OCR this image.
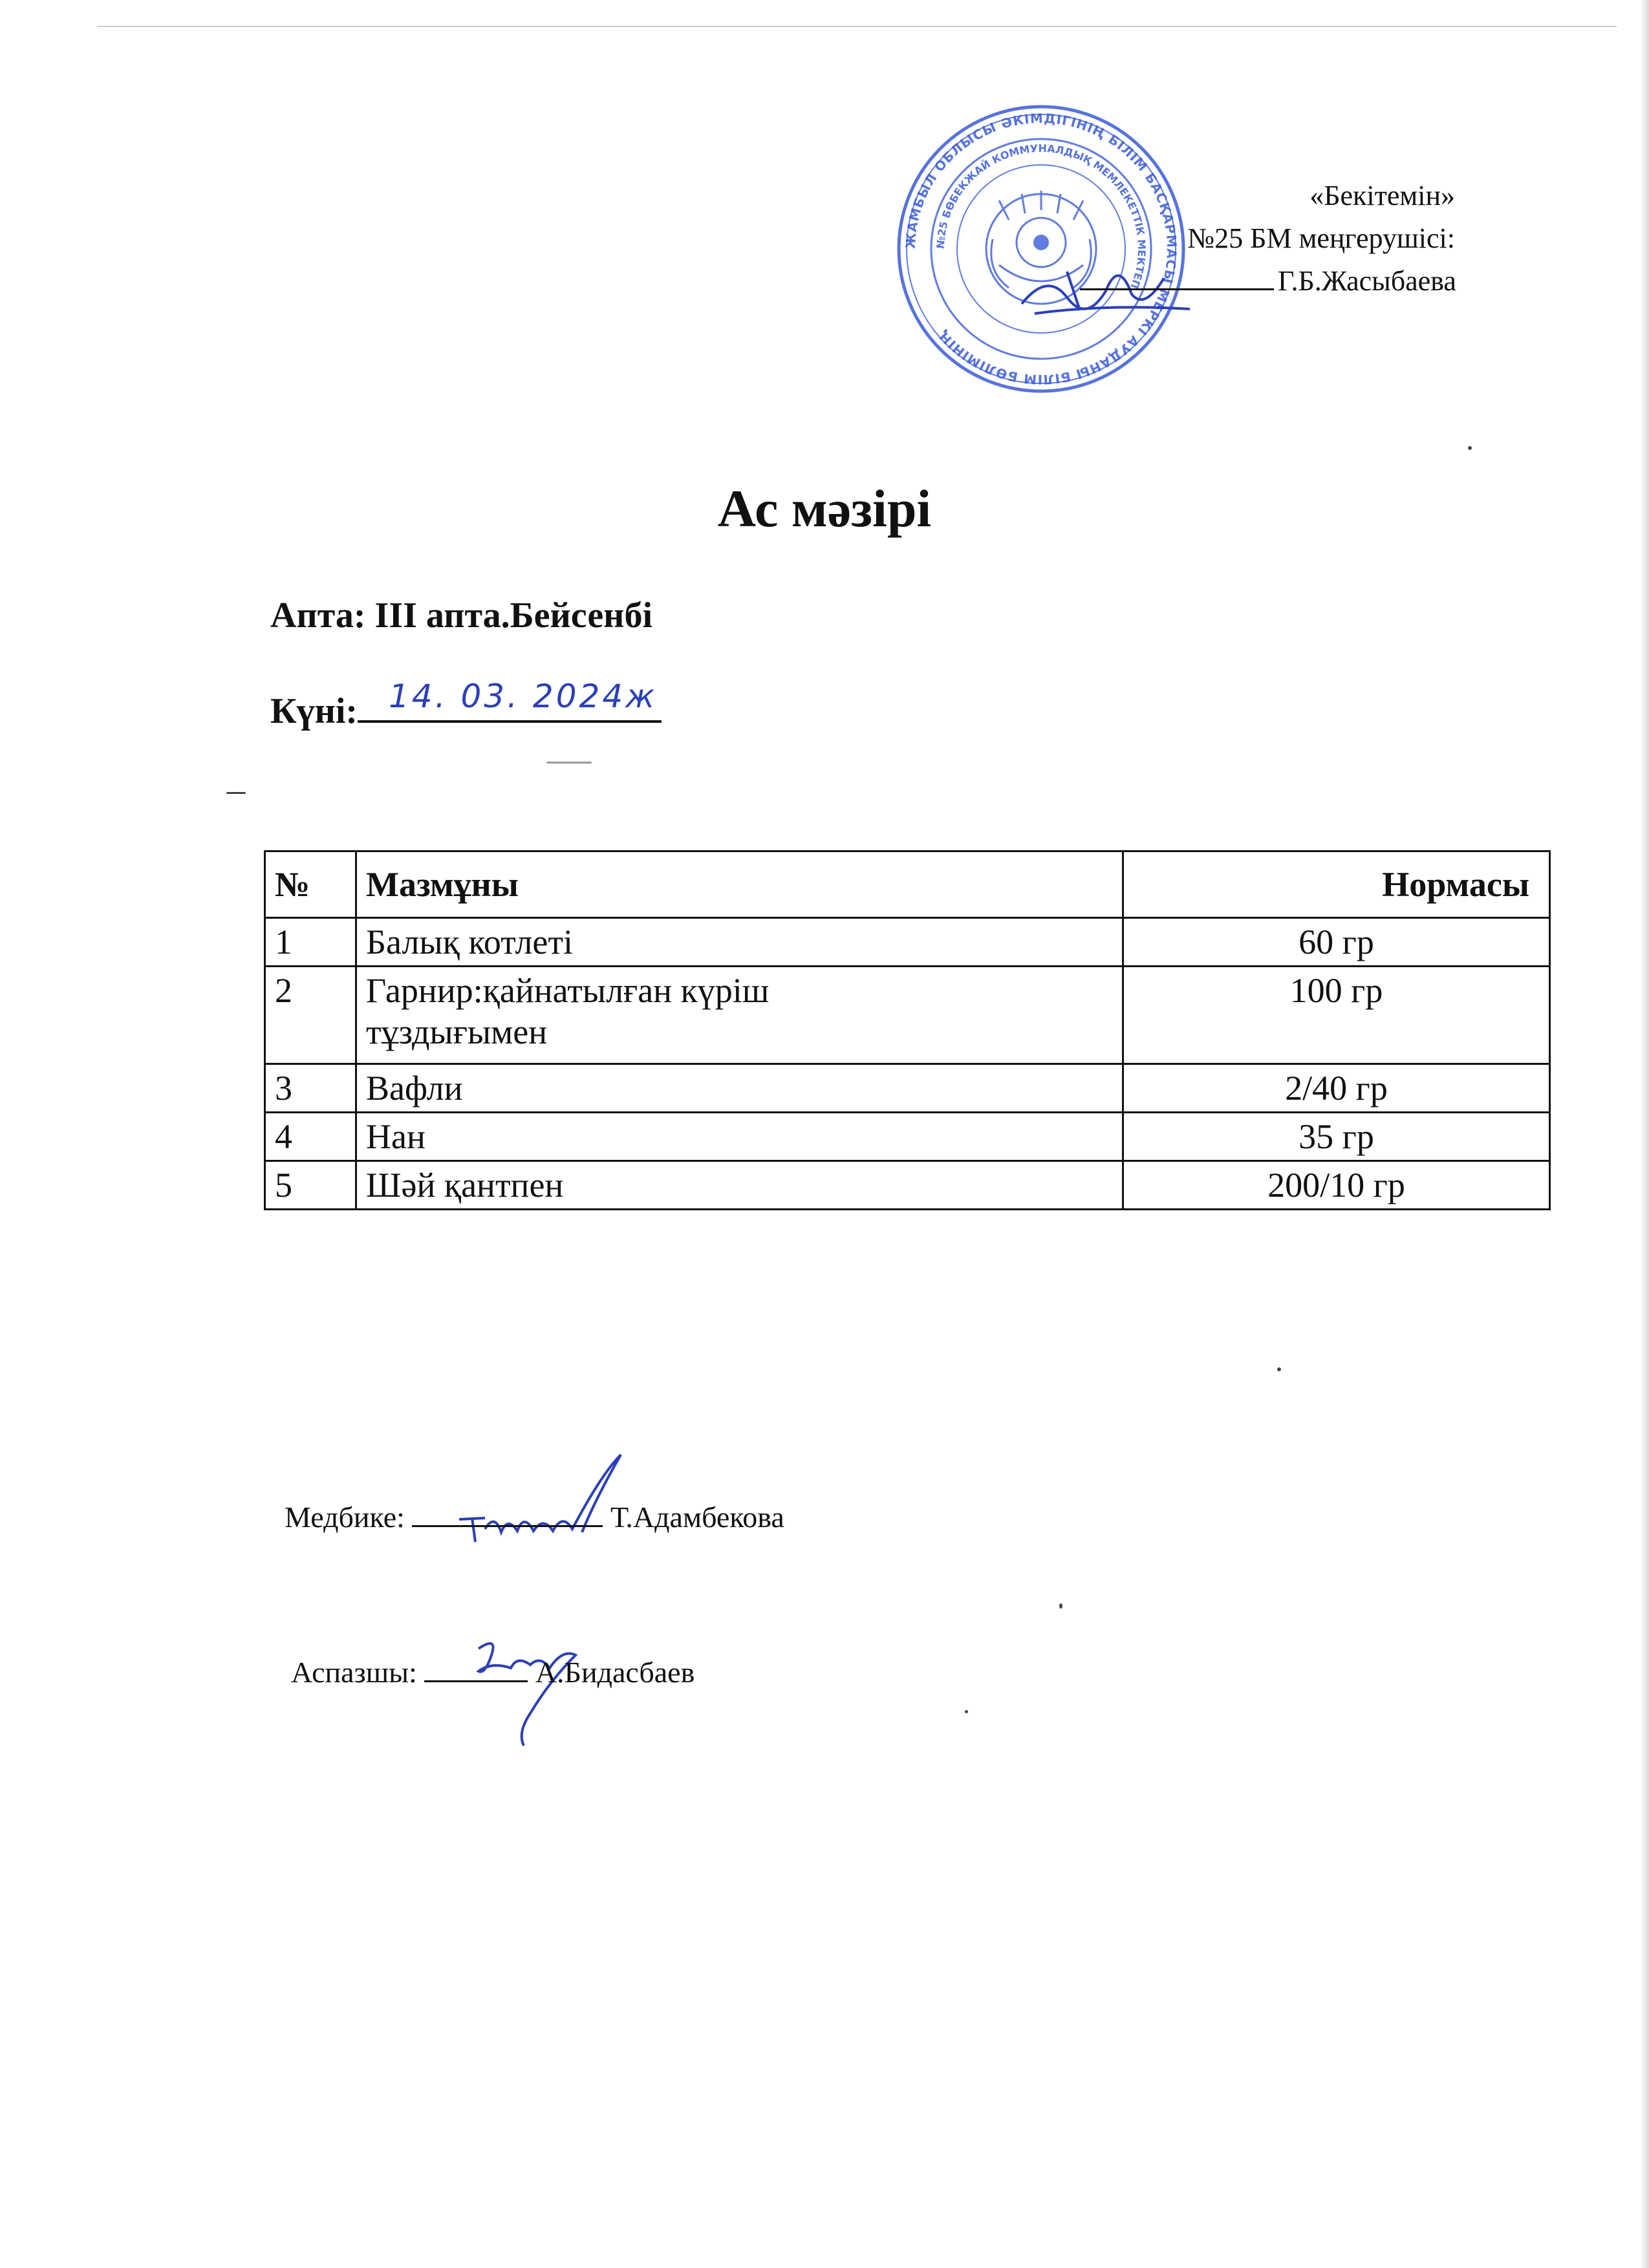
ЖАМБЫЛ ОБЛЫСЫ ӘКІМДІГІНІҢ БІЛІМ БАСҚАРМАСЫ МЕРКІ АУДАНЫ БІЛІМ БӨЛІМІНІҢ
№25 БӨБЕКЖАЙ КОММУНАЛДЫҚ МЕМЛЕКЕТТІК МЕКТЕП
«Бекітемін»
№25 БМ меңгерушісі:
Г.Б.Жасыбаева
Ас мәзірі
Апта: III апта.Бейсенбі
Күні: 14. 03. 2024ж
№	Мазмұны	Нормасы
1	Балық котлеті	60 гр
2	Гарнир:қайнатылған күріш тұздығымен	100 гр
3	Вафли	2/40 гр
4	Нан	35 гр
5	Шәй қантпен	200/10 гр
Медбике:	Т.Адамбекова
Аспазшы:	А.Бидасбаев
